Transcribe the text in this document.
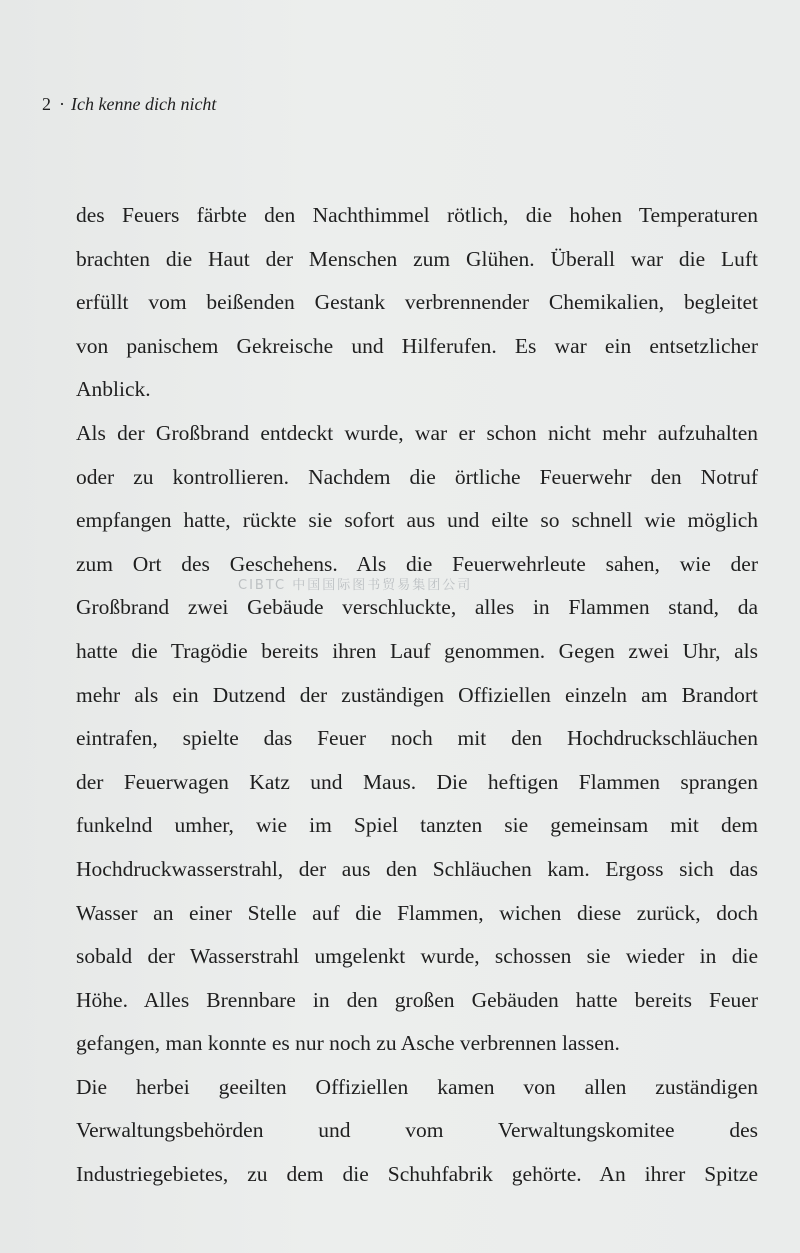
2 · Ich kenne dich nicht
des Feuers färbte den Nachthimmel rötlich, die hohen Temperaturen
brachten die Haut der Menschen zum Glühen. Überall war die Luft
erfüllt vom beißenden Gestank verbrennender Chemikalien, begleitet
von panischem Gekreische und Hilferufen. Es war ein entsetzlicher
Anblick.
Als der Großbrand entdeckt wurde, war er schon nicht mehr aufzuhalten
oder zu kontrollieren. Nachdem die örtliche Feuerwehr den Notruf
empfangen hatte, rückte sie sofort aus und eilte so schnell wie möglich
zum Ort des Geschehens. Als die Feuerwehrleute sahen, wie der
Großbrand zwei Gebäude verschluckte, alles in Flammen stand, da
hatte die Tragödie bereits ihren Lauf genommen. Gegen zwei Uhr, als
mehr als ein Dutzend der zuständigen Offiziellen einzeln am Brandort
eintrafen, spielte das Feuer noch mit den Hochdruckschläuchen
der Feuerwagen Katz und Maus. Die heftigen Flammen sprangen
funkelnd umher, wie im Spiel tanzten sie gemeinsam mit dem
Hochdruckwasserstrahl, der aus den Schläuchen kam. Ergoss sich das
Wasser an einer Stelle auf die Flammen, wichen diese zurück, doch
sobald der Wasserstrahl umgelenkt wurde, schossen sie wieder in die
Höhe. Alles Brennbare in den großen Gebäuden hatte bereits Feuer
gefangen, man konnte es nur noch zu Asche verbrennen lassen.
Die herbei geeilten Offiziellen kamen von allen zuständigen
Verwaltungsbehörden und vom Verwaltungskomitee des
Industriegebietes, zu dem die Schuhfabrik gehörte. An ihrer Spitze
CIBTC 中国国际图书贸易集团公司
